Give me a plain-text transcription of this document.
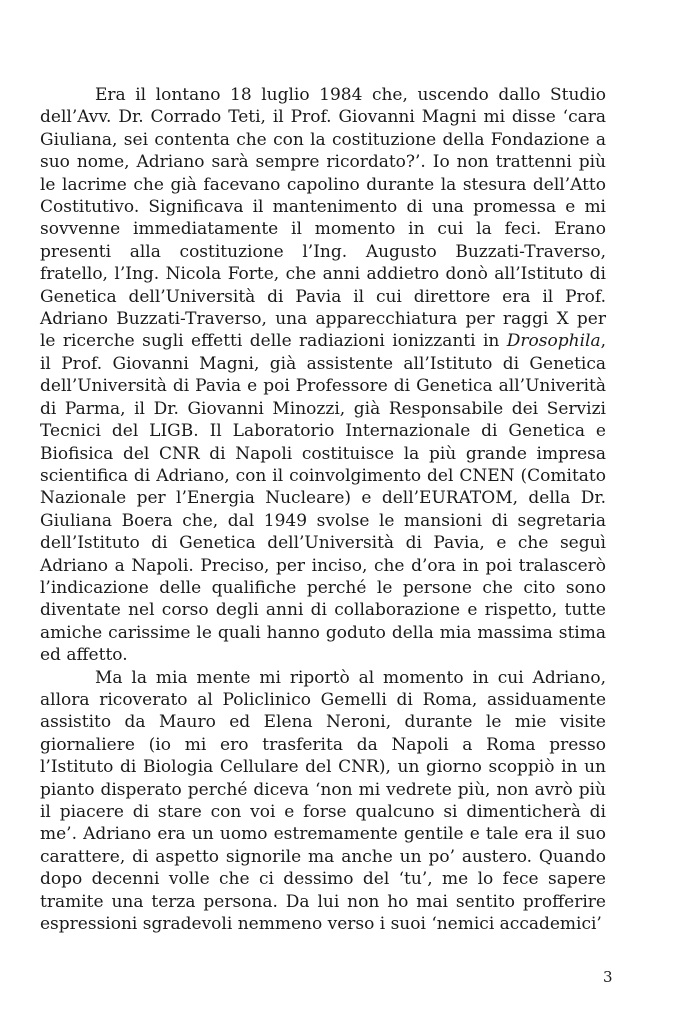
Era il lontano 18 luglio 1984 che, uscendo dallo Studio dell’Avv. Dr. Corrado Teti, il Prof. Giovanni Magni mi disse ‘cara Giuliana, sei contenta che con la costituzione della Fondazione a suo nome, Adriano sarà sempre ricordato?’. Io non trattenni più le lacrime che già facevano capolino durante la stesura dell’Atto Costitutivo. Significava il mantenimento di una promessa e mi sovvenne immediatamente il momento in cui la feci. Erano presenti alla costituzione l’Ing. Augusto Buzzati-Traverso, fratello, l’Ing. Nicola Forte, che anni addietro donò all’Istituto di Genetica dell’Università di Pavia il cui direttore era il Prof. Adriano Buzzati-Traverso, una apparecchiatura per raggi X per le ricerche sugli effetti delle radiazioni ionizzanti in Drosophila, il Prof. Giovanni Magni, già assistente all’Istituto di Genetica dell’Università di Pavia e poi Professore di Genetica all’Univerità di Parma, il Dr. Giovanni Minozzi, già Responsabile dei Servizi Tecnici del LIGB. Il Laboratorio Internazionale di Genetica e Biofisica del CNR di Napoli costituisce la più grande impresa scientifica di Adriano, con il coinvolgimento del CNEN (Comitato Nazionale per l’Energia Nucleare) e dell’EURATOM, della Dr. Giuliana Boera che, dal 1949 svolse le mansioni di segretaria dell’Istituto di Genetica dell’Università di Pavia, e che seguì Adriano a Napoli. Preciso, per inciso, che d’ora in poi tralascerò l’indicazione delle qualifiche perché le persone che cito sono diventate nel corso degli anni di collaborazione e rispetto, tutte amiche carissime le quali hanno goduto della mia massima stima ed affetto.

Ma la mia mente mi riportò al momento in cui Adriano, allora ricoverato al Policlinico Gemelli di Roma, assiduamente assistito da Mauro ed Elena Neroni, durante le mie visite giornaliere (io mi ero trasferita da Napoli a Roma presso l’Istituto di Biologia Cellulare del CNR), un giorno scoppiò in un pianto disperato perché diceva ‘non mi vedrete più, non avrò più il piacere di stare con voi e forse qualcuno si dimenticherà di me’. Adriano era un uomo estremamente gentile e tale era il suo carattere, di aspetto signorile ma anche un po’ austero. Quando dopo decenni volle che ci dessimo del ‘tu’, me lo fece sapere tramite una terza persona. Da lui non ho mai sentito profferire espressioni sgradevoli nemmeno verso i suoi ‘nemici accademici’

3
